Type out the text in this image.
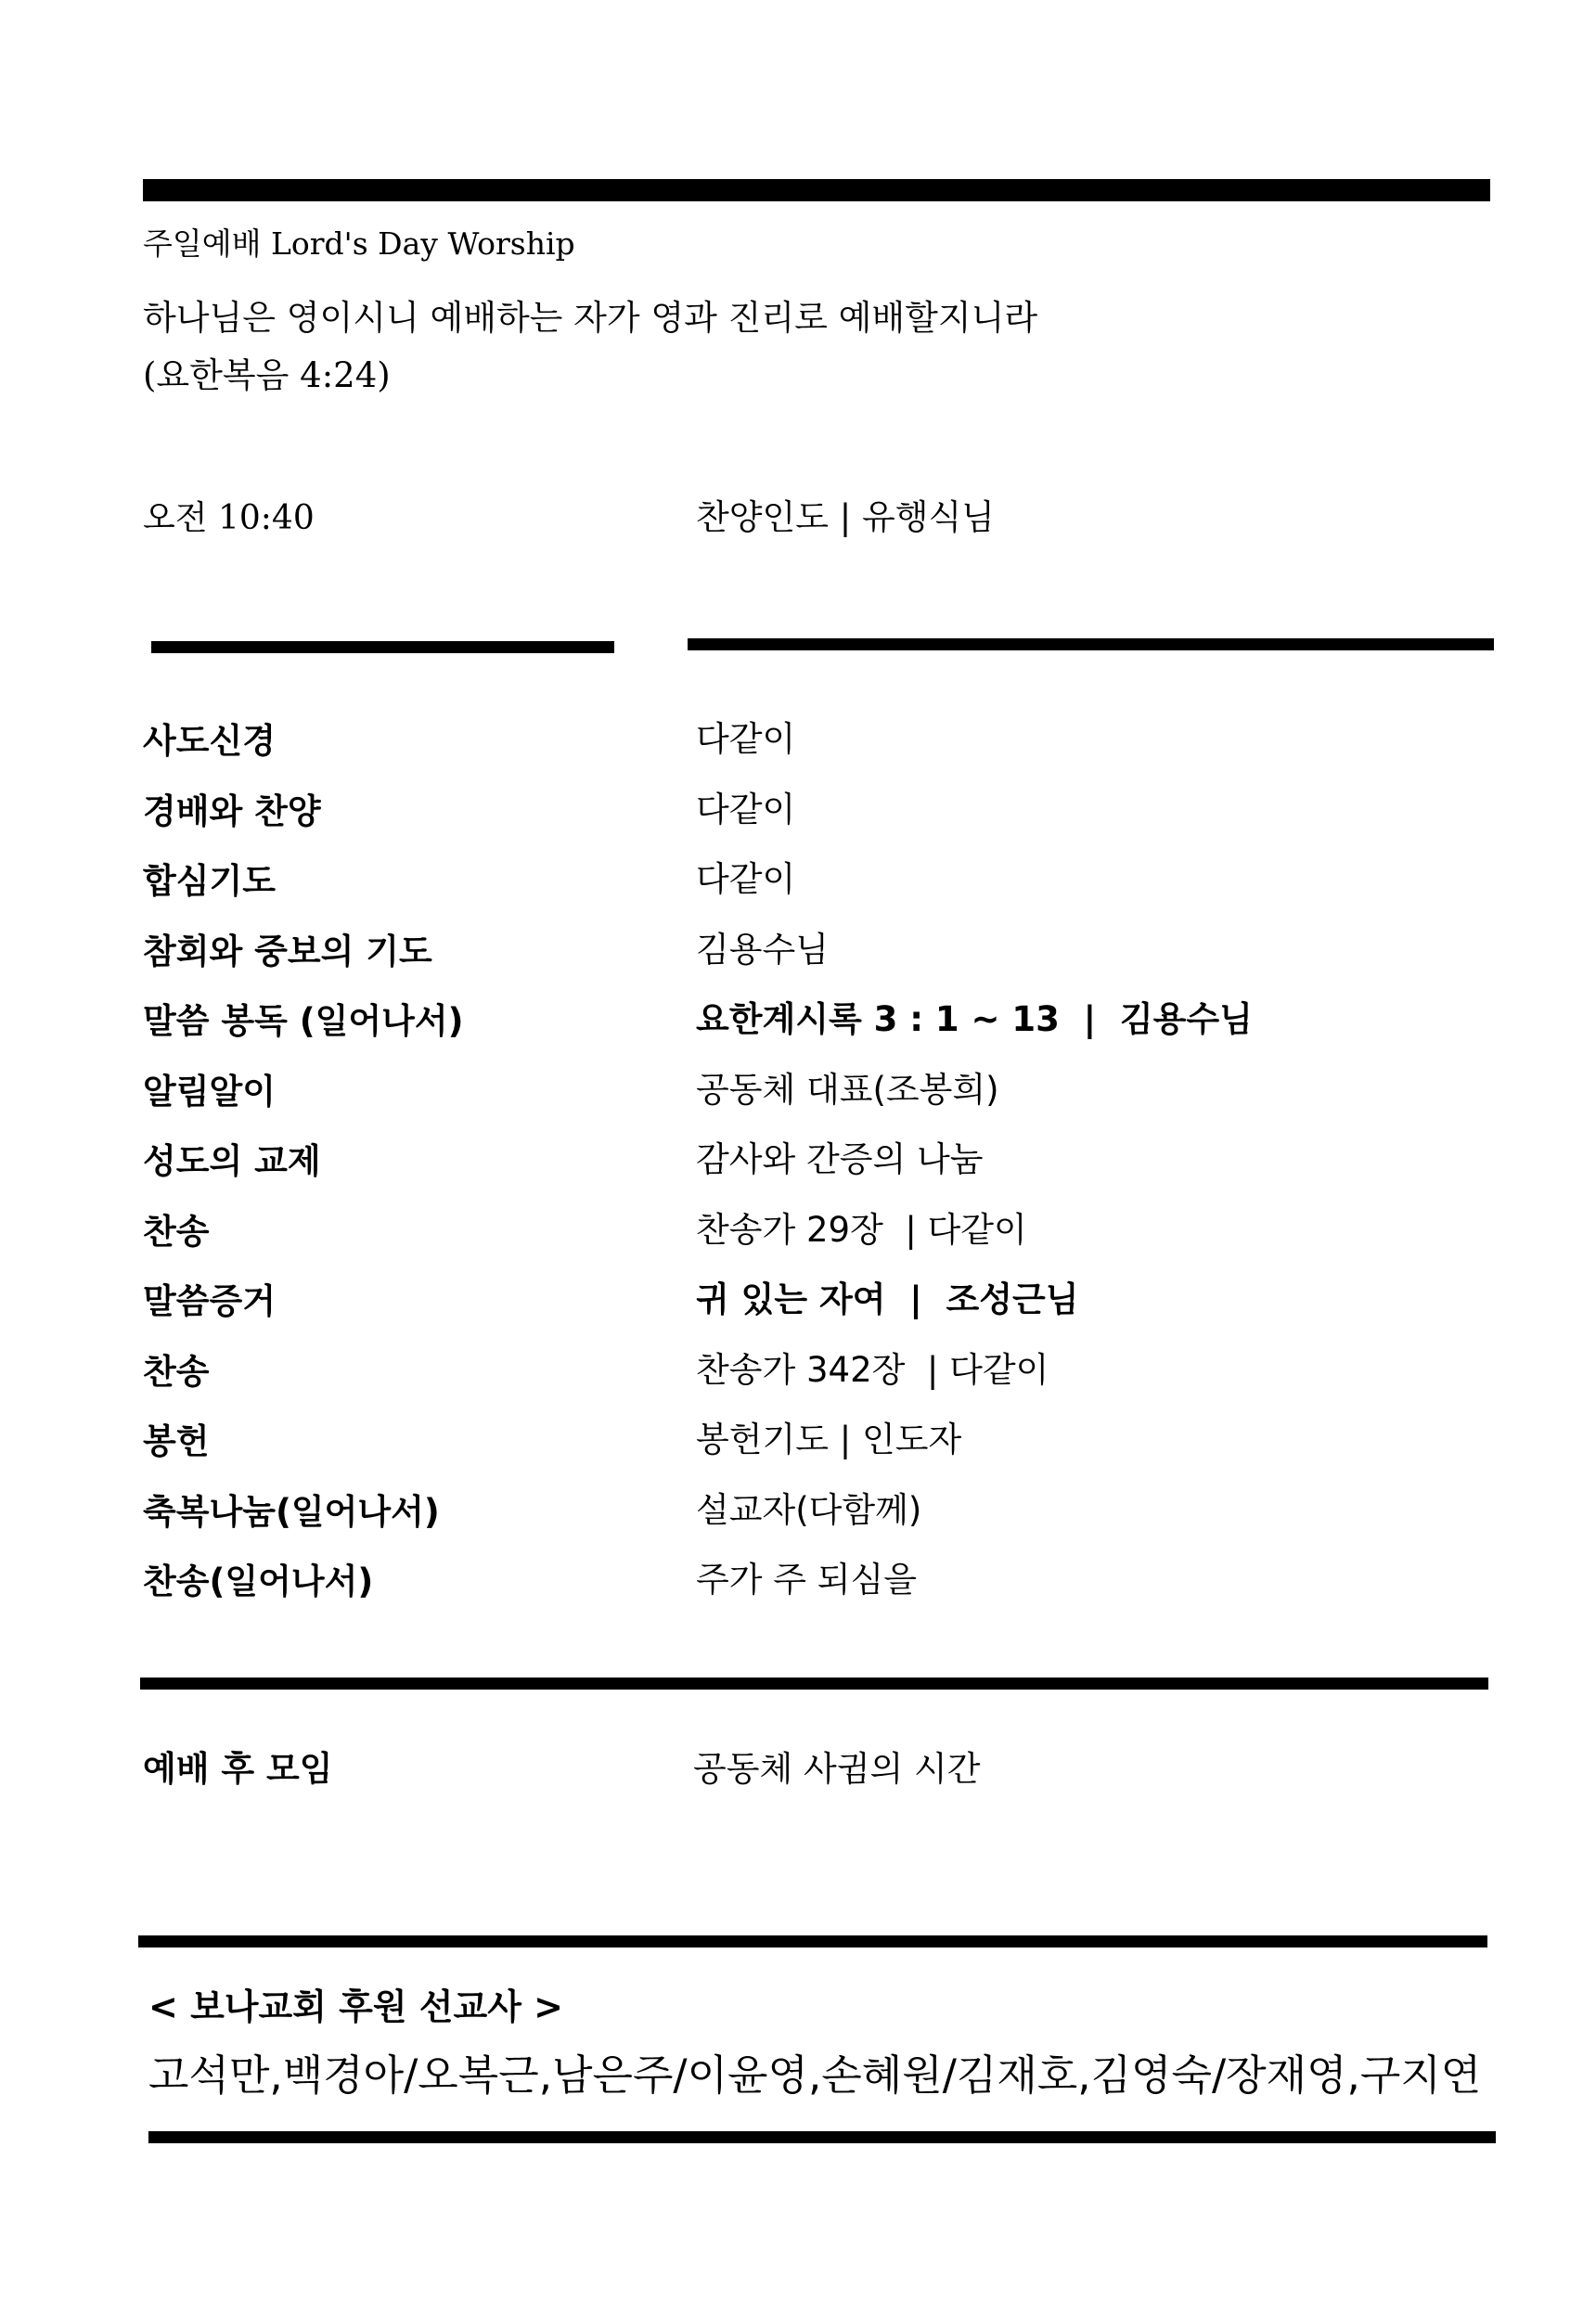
주일예배 Lord's Day Worship
하나님은 영이시니 예배하는 자가 영과 진리로 예배할지니라
(요한복음 4:24)
오전 10:40	찬양인도 | 유행식님
사도신경	다같이
경배와 찬양	다같이
합심기도	다같이
참회와 중보의 기도	김용수님
말씀 봉독 (일어나서)	요한계시록 3 : 1 ~ 13  |  김용수님
알림알이	공동체 대표(조봉희)
성도의 교제	감사와 간증의 나눔
찬송	찬송가 29장  | 다같이
말씀증거	귀 있는 자여  |  조성근님
찬송	찬송가 342장  | 다같이
봉헌	봉헌기도 | 인도자
축복나눔(일어나서)	설교자(다함께)
찬송(일어나서)	주가 주 되심을
예배 후 모임	공동체 사귐의 시간
< 보나교회 후원 선교사 >
고석만,백경아/오복근,남은주/이윤영,손혜원/김재호,김영숙/장재영,구지연
